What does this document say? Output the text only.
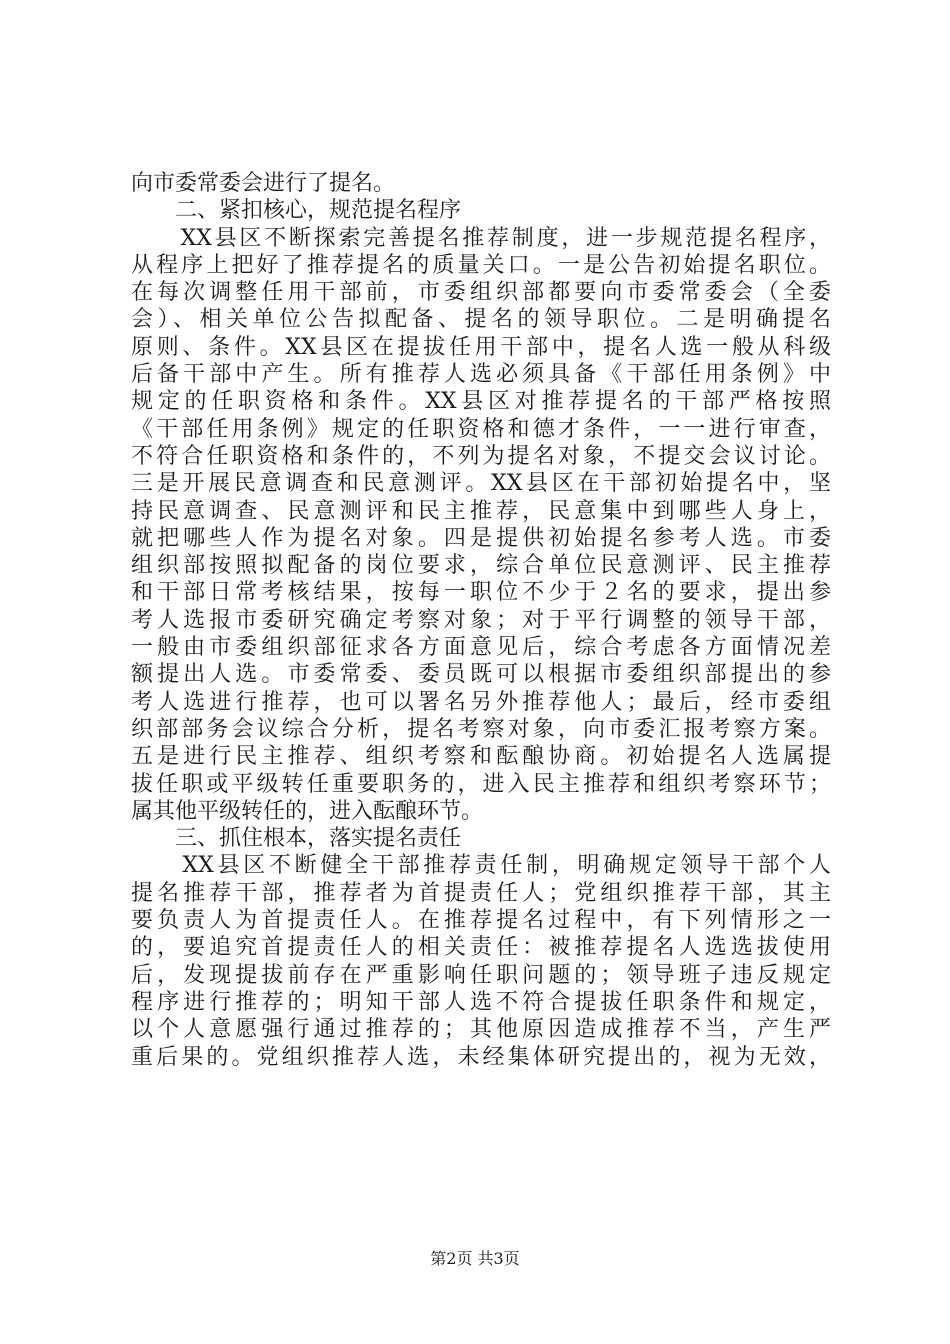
向市委常委会进行了提名。
　　二、紧扣核心，规范提名程序
　　XX县区不断探索完善提名推荐制度，进一步规范提名程序，
从程序上把好了推荐提名的质量关口。一是公告初始提名职位。
在每次调整任用干部前，市委组织部都要向市委常委会（全委
会）、相关单位公告拟配备、提名的领导职位。二是明确提名
原则、条件。XX县区在提拔任用干部中，提名人选一般从科级
后备干部中产生。所有推荐人选必须具备《干部任用条例》中
规定的任职资格和条件。XX县区对推荐提名的干部严格按照
《干部任用条例》规定的任职资格和德才条件，一一进行审查，
不符合任职资格和条件的，不列为提名对象，不提交会议讨论。
三是开展民意调查和民意测评。XX县区在干部初始提名中，坚
持民意调查、民意测评和民主推荐，民意集中到哪些人身上，
就把哪些人作为提名对象。四是提供初始提名参考人选。市委
组织部按照拟配备的岗位要求，综合单位民意测评、民主推荐
和干部日常考核结果，按每一职位不少于２名的要求，提出参
考人选报市委研究确定考察对象；对于平行调整的领导干部，
一般由市委组织部征求各方面意见后，综合考虑各方面情况差
额提出人选。市委常委、委员既可以根据市委组织部提出的参
考人选进行推荐，也可以署名另外推荐他人；最后，经市委组
织部部务会议综合分析，提名考察对象，向市委汇报考察方案。
五是进行民主推荐、组织考察和酝酿协商。初始提名人选属提
拔任职或平级转任重要职务的，进入民主推荐和组织考察环节；
属其他平级转任的，进入酝酿环节。
　　三、抓住根本，落实提名责任
　　XX县区不断健全干部推荐责任制，明确规定领导干部个人
提名推荐干部，推荐者为首提责任人；党组织推荐干部，其主
要负责人为首提责任人。在推荐提名过程中，有下列情形之一
的，要追究首提责任人的相关责任：被推荐提名人选选拔使用
后，发现提拔前存在严重影响任职问题的；领导班子违反规定
程序进行推荐的；明知干部人选不符合提拔任职条件和规定，
以个人意愿强行通过推荐的；其他原因造成推荐不当，产生严
重后果的。党组织推荐人选，未经集体研究提出的，视为无效，
第2页 共3页
